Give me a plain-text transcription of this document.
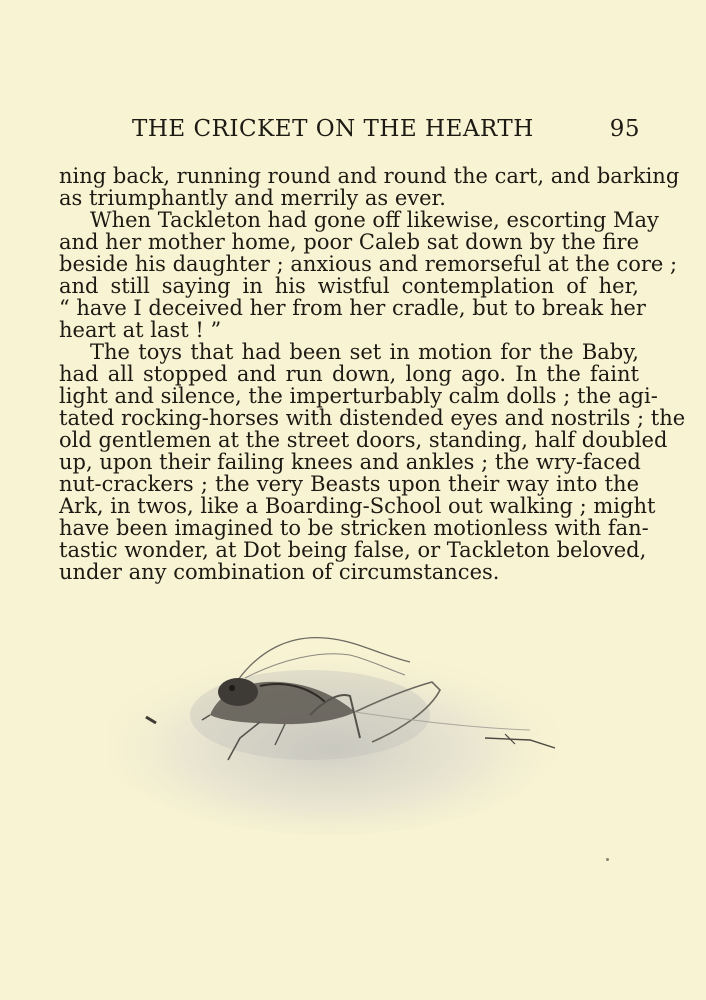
THE CRICKET ON THE HEARTH	95
ning back, running round and round the cart, and barking
as triumphantly and merrily as ever.
When Tackleton had gone off likewise, escorting May
and her mother home, poor Caleb sat down by the fire
beside his daughter ; anxious and remorseful at the core ;
and still saying in his wistful contemplation of her,
“ have I deceived her from her cradle, but to break her
heart at last ! ”
The toys that had been set in motion for the Baby,
had all stopped and run down, long ago. In the faint
light and silence, the imperturbably calm dolls ; the agi-
tated rocking-horses with distended eyes and nostrils ; the
old gentlemen at the street doors, standing, half doubled
up, upon their failing knees and ankles ; the wry-faced
nut-crackers ; the very Beasts upon their way into the
Ark, in twos, like a Boarding-School out walking ; might
have been imagined to be stricken motionless with fan-
tastic wonder, at Dot being false, or Tackleton beloved,
under any combination of circumstances.
